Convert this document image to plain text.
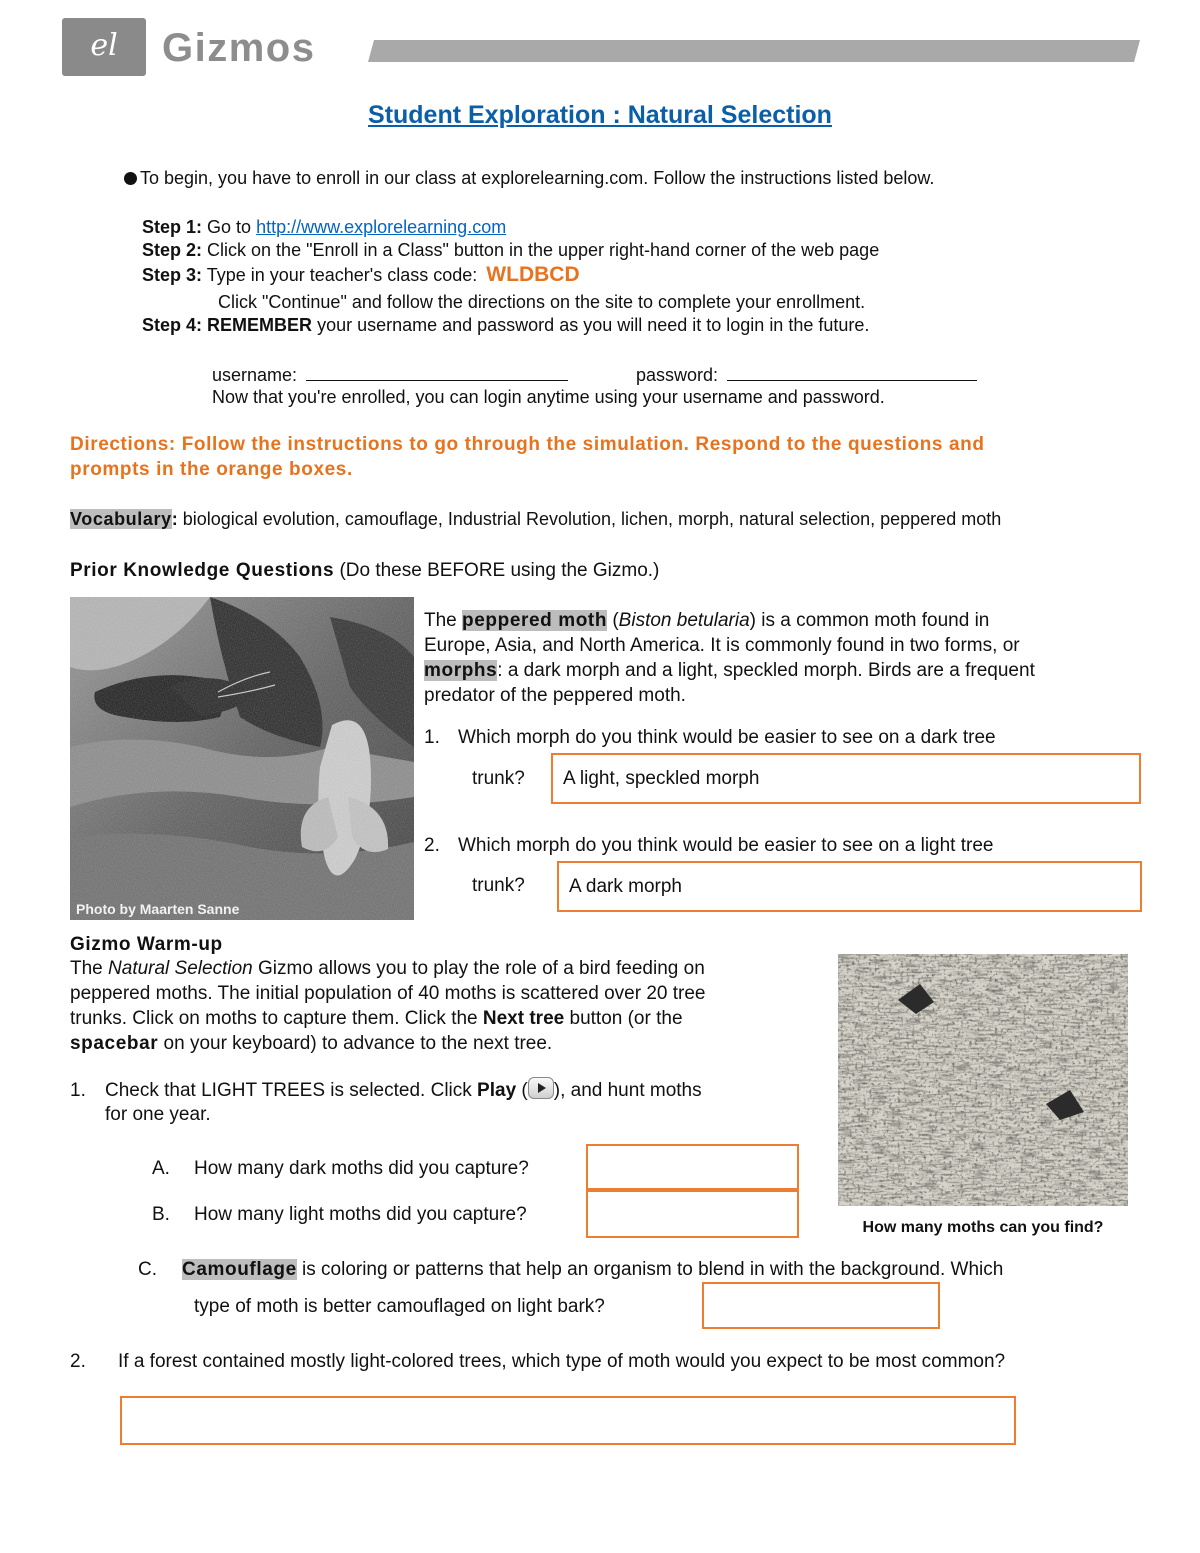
el	Gizmos
Student Exploration : Natural Selection
To begin, you have to enroll in our class at explorelearning.com. Follow the instructions listed below.
Step 1: Go to http://www.explorelearning.com
Step 2: Click on the "Enroll in a Class" button in the upper right-hand corner of the web page
Step 3: Type in your teacher's class code: WLDBCD
Click "Continue" and follow the directions on the site to complete your enrollment.
Step 4: REMEMBER your username and password as you will need it to login in the future.
username:	password:
Now that you're enrolled, you can login anytime using your username and password.
Directions: Follow the instructions to go through the simulation. Respond to the questions and
prompts in the orange boxes.
Vocabulary: biological evolution, camouflage, Industrial Revolution, lichen, morph, natural selection, peppered moth
Prior Knowledge Questions (Do these BEFORE using the Gizmo.)
Photo by Maarten Sanne
The peppered moth (Biston betularia) is a common moth found in
Europe, Asia, and North America. It is commonly found in two forms, or
morphs: a dark morph and a light, speckled morph. Birds are a frequent
predator of the peppered moth.
1. Which morph do you think would be easier to see on a dark tree
trunk? A light, speckled morph
2. Which morph do you think would be easier to see on a light tree
trunk? A dark morph
Gizmo Warm-up
The Natural Selection Gizmo allows you to play the role of a bird feeding on
peppered moths. The initial population of 40 moths is scattered over 20 tree
trunks. Click on moths to capture them. Click the Next tree button (or the
spacebar on your keyboard) to advance to the next tree.
How many moths can you find?
1. Check that LIGHT TREES is selected. Click Play ( ), and hunt moths
for one year.
A. How many dark moths did you capture?
B. How many light moths did you capture?
C. Camouflage is coloring or patterns that help an organism to blend in with the background. Which
type of moth is better camouflaged on light bark?
2. If a forest contained mostly light-colored trees, which type of moth would you expect to be most common?
